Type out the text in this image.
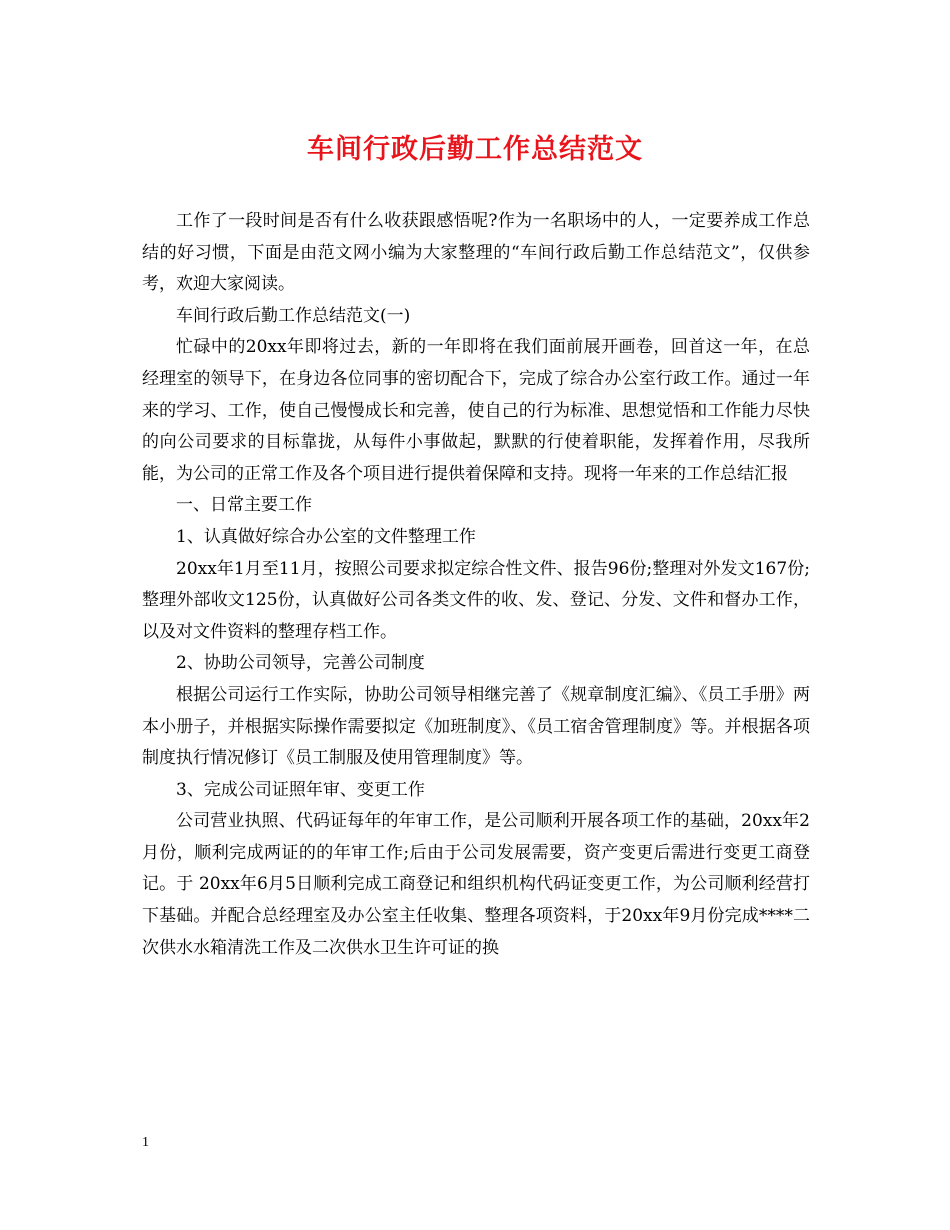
车间行政后勤工作总结范文

工作了一段时间是否有什么收获跟感悟呢?作为一名职场中的人，一定要养成工作总结的好习惯，下面是由范文网小编为大家整理的“车间行政后勤工作总结范文”，仅供参考，欢迎大家阅读。

车间行政后勤工作总结范文(一)

忙碌中的20xx年即将过去，新的一年即将在我们面前展开画卷，回首这一年，在总经理室的领导下，在身边各位同事的密切配合下，完成了综合办公室行政工作。通过一年来的学习、工作，使自己慢慢成长和完善，使自己的行为标准、思想觉悟和工作能力尽快的向公司要求的目标靠拢，从每件小事做起，默默的行使着职能，发挥着作用，尽我所能，为公司的正常工作及各个项目进行提供着保障和支持。现将一年来的工作总结汇报

一、日常主要工作

1、认真做好综合办公室的文件整理工作

20xx年1月至11月，按照公司要求拟定综合性文件、报告96份;整理对外发文167份;整理外部收文125份，认真做好公司各类文件的收、发、登记、分发、文件和督办工作，以及对文件资料的整理存档工作。

2、协助公司领导，完善公司制度

根据公司运行工作实际，协助公司领导相继完善了《规章制度汇编》、《员工手册》两本小册子，并根据实际操作需要拟定《加班制度》、《员工宿舍管理制度》等。并根据各项制度执行情况修订《员工制服及使用管理制度》等。

3、完成公司证照年审、变更工作

公司营业执照、代码证每年的年审工作，是公司顺利开展各项工作的基础，20xx年2月份，顺利完成两证的的年审工作;后由于公司发展需要，资产变更后需进行变更工商登记。于 20xx年6月5日顺利完成工商登记和组织机构代码证变更工作，为公司顺利经营打下基础。并配合总经理室及办公室主任收集、整理各项资料，于20xx年9月份完成****二次供水水箱清洗工作及二次供水卫生许可证的换

1
